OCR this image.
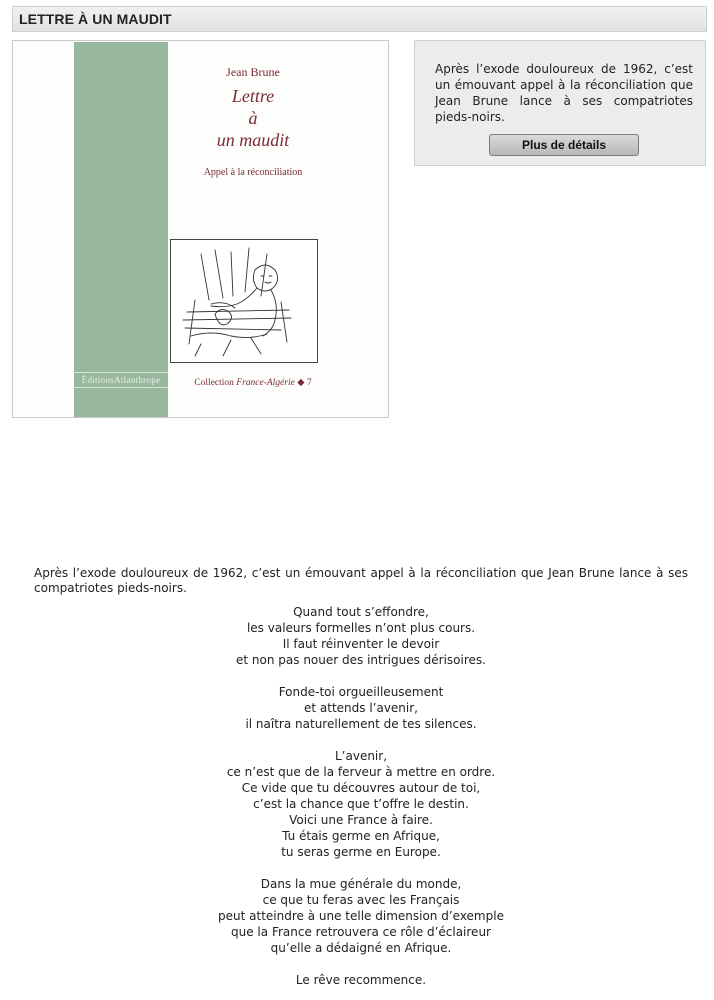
LETTRE À UN MAUDIT
ÉditionsAtlanthrope
Jean Brune
Lettre
à
un maudit
Appel à la réconciliation
Collection France-Algérie ◆ 7
Après l’exode douloureux de 1962, c’est un émouvant appel à la réconciliation que Jean Brune lance à ses compatriotes pieds-noirs.
Plus de détails
Après l’exode douloureux de 1962, c’est un émouvant appel à la réconciliation que Jean Brune lance à ses compatriotes pieds-noirs.
Quand tout s’effondre,
les valeurs formelles n’ont plus cours.
Il faut réinventer le devoir
et non pas nouer des intrigues dérisoires.
Fonde-toi orgueilleusement
et attends l’avenir,
il naîtra naturellement de tes silences.
L’avenir,
ce n’est que de la ferveur à mettre en ordre.
Ce vide que tu découvres autour de toi,
c’est la chance que t’offre le destin.
Voici une France à faire.
Tu étais germe en Afrique,
tu seras germe en Europe.
Dans la mue générale du monde,
ce que tu feras avec les Français
peut atteindre à une telle dimension d’exemple
que la France retrouvera ce rôle d’éclaireur
qu’elle a dédaigné en Afrique.
Le rêve recommence.
